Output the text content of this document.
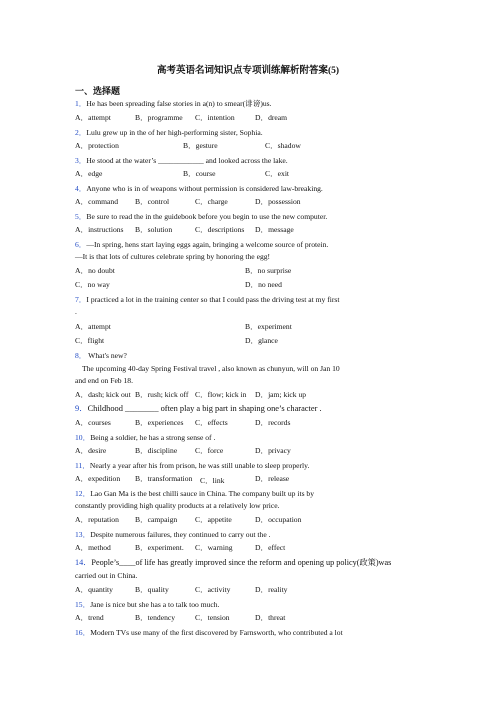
高考英语名词知识点专项训练解析附答案(5)
一、选择题
1．He has been spreading false stories in a(n) to smear(诽谤)us.
A．attempt	B．programme C．intention	D．dream
2．Lulu grew up in the of her high-performing sister, Sophia.
A．protection	B．gesture	C．shadow
3．He stood at the water’s ____________ and looked across the lake.
A．edge	B．course	C．exit
4．Anyone who is in of weapons without permission is considered law-breaking.
A．command B．control	C．charge	D．possession
5．Be sure to read the in the guidebook before you begin to use the new computer.
A．instructions B．solution	C．descriptions D．message
6．—In spring, hens start laying eggs again, bringing a welcome source of protein.
—It is that lots of cultures celebrate spring by honoring the egg!
A．no doubt	B．no surprise
C．no way	D．no need
7．I practiced a lot in the training center so that I could pass the driving test at my first
.
A．attempt	B．experiment
C．flight	D．glance
8． What's new?
The upcoming 40-day Spring Festival travel , also known as chunyun, will on Jan 10
and end on Feb 18.
A．dash; kick out B．rush; kick off C．flow; kick in D．jam; kick up
9．Childhood ________ often play a big part in shaping one’s character .
A．courses	B．experiences C．effects	D．records
10．Being a soldier, he has a strong sense of .
A．desire	B．discipline C．force	D．privacy
11．Nearly a year after his from prison, he was still unable to sleep properly.
A．expedition B．transformation C．link	D．release
12．Lao Gan Ma is the best chilli sauce in China. The company built up its by
constantly providing high quality products at a relatively low price.
A．reputation B．campaign C．appetite	D．occupation
13．Despite numerous failures, they continued to carry out the .
A．method	B．experiment. C．warning	D．effect
14．People’s____of life has greatly improved since the reform and opening up policy(政策)was
carried out in China.
A．quantity	B．quality	C．activity	D．reality
15．Jane is nice but she has a to talk too much.
A．trend	B．tendency	C．tension	D．threat
16．Modern TVs use many of the first discovered by Farnsworth, who contributed a lot
